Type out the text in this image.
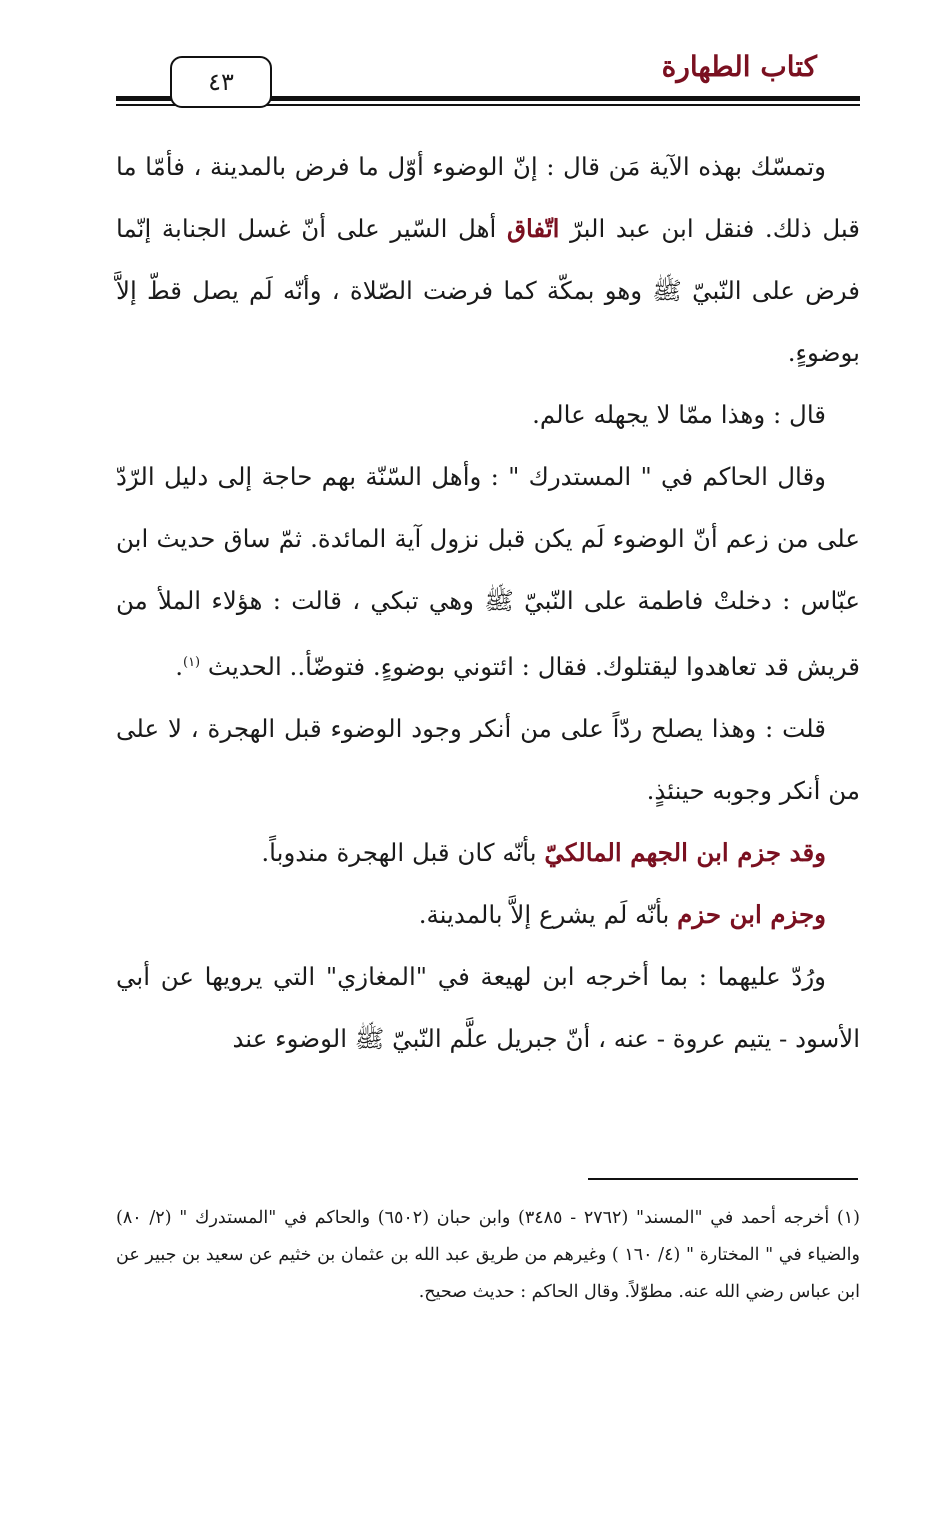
كتاب الطهارة
٤٣

وتمسّك بهذه الآية مَن قال : إنّ الوضوء أوّل ما فرض بالمدينة ، فأمّا ما قبل ذلك. فنقل ابن عبد البرّ اتّفاق أهل السّير على أنّ غسل الجنابة إنّما فرض على النّبيّ ﷺ وهو بمكّة كما فرضت الصّلاة ، وأنّه لَم يصل قطّ إلاَّ بوضوءٍ.

قال : وهذا ممّا لا يجهله عالم.

وقال الحاكم في " المستدرك " : وأهل السّنّة بهم حاجة إلى دليل الرّدّ على من زعم أنّ الوضوء لَم يكن قبل نزول آية المائدة. ثمّ ساق حديث ابن عبّاس : دخلتْ فاطمة على النّبيّ ﷺ وهي تبكي ، قالت : هؤلاء الملأ من قريش قد تعاهدوا ليقتلوك. فقال : ائتوني بوضوءٍ. فتوضّأ.. الحديث $^{(١)}$.

قلت : وهذا يصلح ردّاً على من أنكر وجود الوضوء قبل الهجرة ، لا على من أنكر وجوبه حينئذٍ.

وقد جزم ابن الجهم المالكيّ بأنّه كان قبل الهجرة مندوباً.

وجزم ابن حزم بأنّه لَم يشرع إلاَّ بالمدينة.

ورُدّ عليهما : بما أخرجه ابن لهيعة في "المغازي" التي يرويها عن أبي الأسود - يتيم عروة - عنه ، أنّ جبريل علَّم النّبيّ ﷺ الوضوء عند

(١) أخرجه أحمد في "المسند" (٢٧٦٢ - ٣٤٨٥) وابن حبان (٦٥٠٢) والحاكم في "المستدرك " (٢/ ٨٠) والضياء في " المختارة " (٤/ ١٦٠ ) وغيرهم من طريق عبد الله بن عثمان بن خثيم عن سعيد بن جبير عن ابن عباس رضي الله عنه. مطوّلاً. وقال الحاكم : حديث صحيح.
